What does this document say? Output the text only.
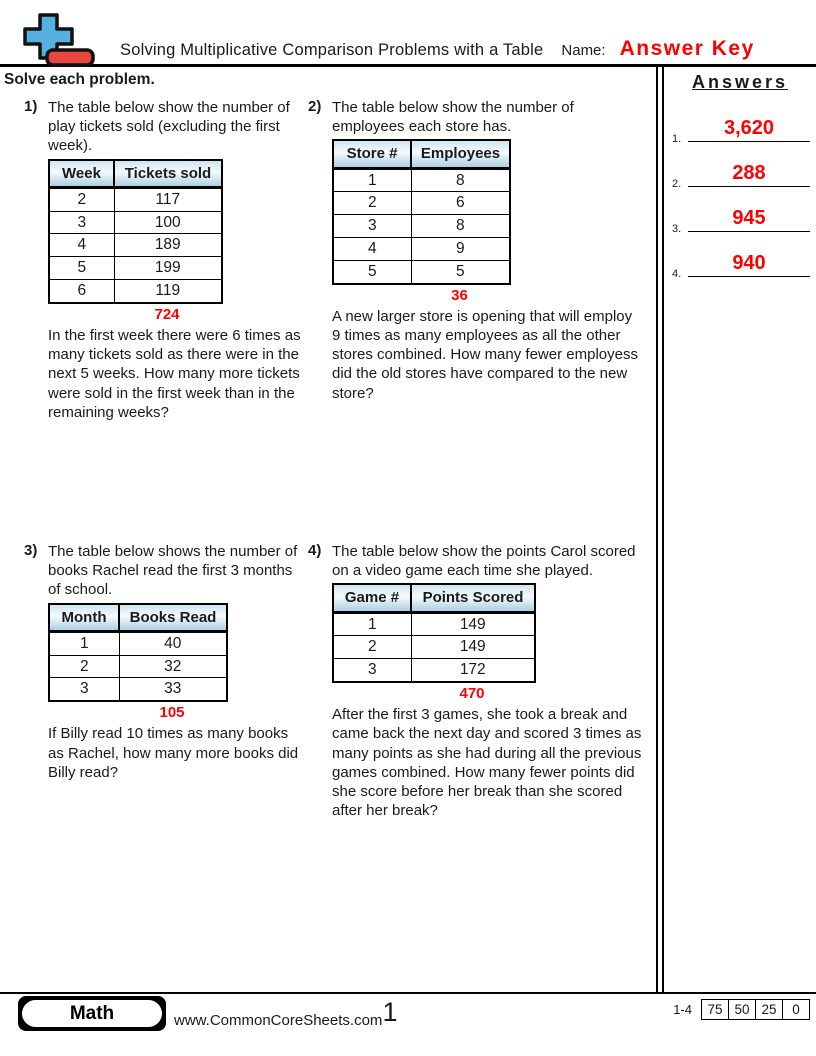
Solving Multiplicative Comparison Problems with a Table Name: Answer Key
Solve each problem.
1) The table below show the number of play tickets sold (excluding the first week).

Week	Tickets sold
2	117
3	100
4	189
5	199
6	119
724

In the first week there were 6 times as many tickets sold as there were in the next 5 weeks. How many more tickets were sold in the first week than in the remaining weeks?

2) The table below show the number of employees each store has.

Store #	Employees
1	8
2	6
3	8
4	9
5	5
36

A new larger store is opening that will employ 9 times as many employees as all the other stores combined. How many fewer employess did the old stores have compared to the new store?

3) The table below shows the number of books Rachel read the first 3 months of school.

Month	Books Read
1	40
2	32
3	33
105

If Billy read 10 times as many books as Rachel, how many more books did Billy read?

4) The table below show the points Carol scored on a video game each time she played.

Game #	Points Scored
1	149
2	149
3	172
470

After the first 3 games, she took a break and came back the next day and scored 3 times as many points as she had during all the previous games combined. How many fewer points did she score before her break than she scored after her break?

Answers
1.	3,620
2.	288
3.	945
4.	940
Math	www.CommonCoreSheets.com 1	1-4 75	50	25	0
